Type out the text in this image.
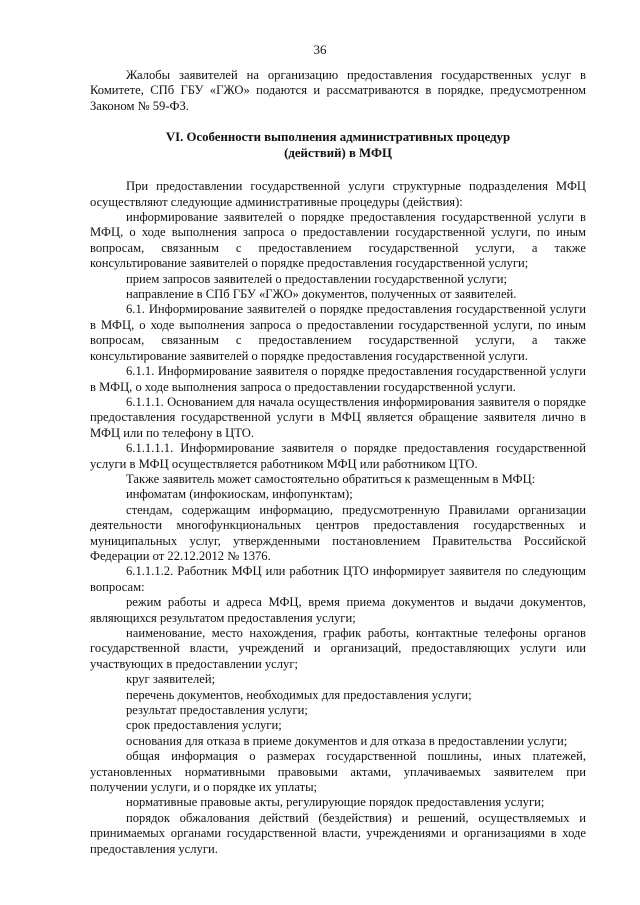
36

Жалобы заявителей на организацию предоставления государственных услуг в Комитете, СПб ГБУ «ГЖО» подаются и рассматриваются в порядке, предусмотренном Законом № 59-ФЗ.

VI. Особенности выполнения административных процедур
(действий) в МФЦ

При предоставлении государственной услуги структурные подразделения МФЦ осуществляют следующие административные процедуры (действия):

информирование заявителей о порядке предоставления государственной услуги в МФЦ, о ходе выполнения запроса о предоставлении государственной услуги, по иным вопросам, связанным с предоставлением государственной услуги, а также консультирование заявителей о порядке предоставления государственной услуги;

прием запросов заявителей о предоставлении государственной услуги;

направление в СПб ГБУ «ГЖО» документов, полученных от заявителей.

6.1. Информирование заявителей о порядке предоставления государственной услуги в МФЦ, о ходе выполнения запроса о предоставлении государственной услуги, по иным вопросам, связанным с предоставлением государственной услуги, а также консультирование заявителей о порядке предоставления государственной услуги.

6.1.1. Информирование заявителя о порядке предоставления государственной услуги в МФЦ, о ходе выполнения запроса о предоставлении государственной услуги.

6.1.1.1. Основанием для начала осуществления информирования заявителя о порядке предоставления государственной услуги в МФЦ является обращение заявителя лично в МФЦ или по телефону в ЦТО.

6.1.1.1.1. Информирование заявителя о порядке предоставления государственной услуги в МФЦ осуществляется работником МФЦ или работником ЦТО.

Также заявитель может самостоятельно обратиться к размещенным в МФЦ:

инфоматам (инфокиоскам, инфопунктам);

стендам, содержащим информацию, предусмотренную Правилами организации деятельности многофункциональных центров предоставления государственных и муниципальных услуг, утвержденными постановлением Правительства Российской Федерации от 22.12.2012 № 1376.

6.1.1.1.2. Работник МФЦ или работник ЦТО информирует заявителя по следующим вопросам:

режим работы и адреса МФЦ, время приема документов и выдачи документов, являющихся результатом предоставления услуги;

наименование, место нахождения, график работы, контактные телефоны органов государственной власти, учреждений и организаций, предоставляющих услуги или участвующих в предоставлении услуг;

круг заявителей;

перечень документов, необходимых для предоставления услуги;

результат предоставления услуги;

срок предоставления услуги;

основания для отказа в приеме документов и для отказа в предоставлении услуги;

общая информация о размерах государственной пошлины, иных платежей, установленных нормативными правовыми актами, уплачиваемых заявителем при получении услуги, и о порядке их уплаты;

нормативные правовые акты, регулирующие порядок предоставления услуги;

порядок обжалования действий (бездействия) и решений, осуществляемых и принимаемых органами государственной власти, учреждениями и организациями в ходе предоставления услуги.
